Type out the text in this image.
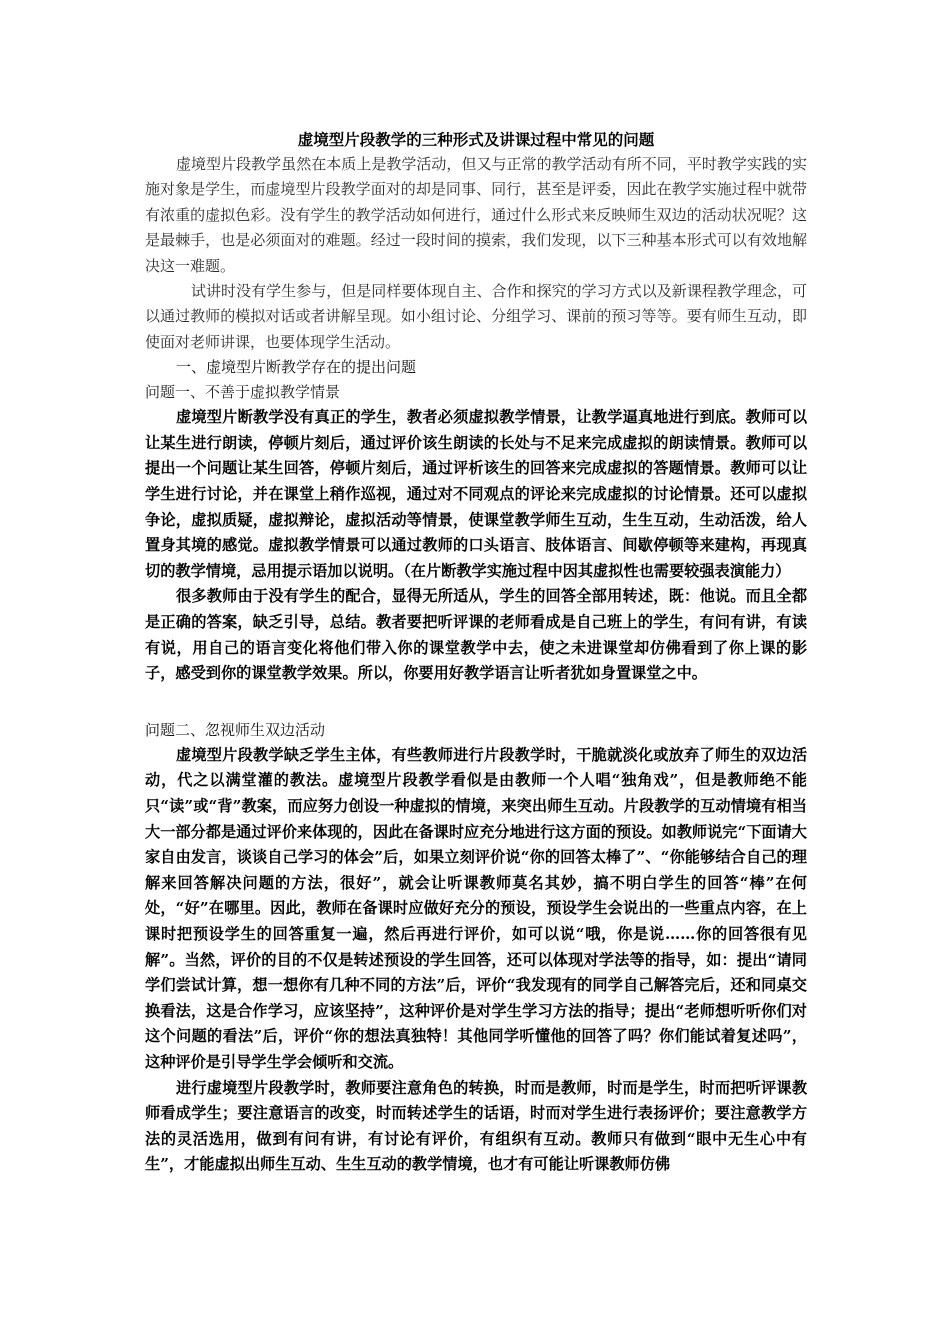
虚境型片段教学的三种形式及讲课过程中常见的问题

虚境型片段教学虽然在本质上是教学活动，但又与正常的教学活动有所不同，平时教学实践的实施对象是学生，而虚境型片段教学面对的却是同事、同行，甚至是评委，因此在教学实施过程中就带有浓重的虚拟色彩。没有学生的教学活动如何进行，通过什么形式来反映师生双边的活动状况呢？这是最棘手，也是必须面对的难题。经过一段时间的摸索，我们发现，以下三种基本形式可以有效地解决这一难题。

试讲时没有学生参与，但是同样要体现自主、合作和探究的学习方式以及新课程教学理念，可以通过教师的模拟对话或者讲解呈现。如小组讨论、分组学习、课前的预习等等。要有师生互动，即使面对老师讲课，也要体现学生活动。

一、虚境型片断教学存在的提出问题

问题一、不善于虚拟教学情景

虚境型片断教学没有真正的学生，教者必须虚拟教学情景，让教学逼真地进行到底。教师可以让某生进行朗读，停顿片刻后，通过评价该生朗读的长处与不足来完成虚拟的朗读情景。教师可以提出一个问题让某生回答，停顿片刻后，通过评析该生的回答来完成虚拟的答题情景。教师可以让学生进行讨论，并在课堂上稍作巡视，通过对不同观点的评论来完成虚拟的讨论情景。还可以虚拟争论，虚拟质疑，虚拟辩论，虚拟活动等情景，使课堂教学师生互动，生生互动，生动活泼，给人置身其境的感觉。虚拟教学情景可以通过教师的口头语言、肢体语言、间歇停顿等来建构，再现真切的教学情境，忌用提示语加以说明。（在片断教学实施过程中因其虚拟性也需要较强表演能力）

很多教师由于没有学生的配合，显得无所适从，学生的回答全部用转述，既：他说。而且全都是正确的答案，缺乏引导，总结。教者要把听评课的老师看成是自己班上的学生，有问有讲，有读有说，用自己的语言变化将他们带入你的课堂教学中去，使之未进课堂却仿佛看到了你上课的影子，感受到你的课堂教学效果。所以，你要用好教学语言让听者犹如身置课堂之中。

问题二、忽视师生双边活动

虚境型片段教学缺乏学生主体，有些教师进行片段教学时，干脆就淡化或放弃了师生的双边活动，代之以满堂灌的教法。虚境型片段教学看似是由教师一个人唱“独角戏”，但是教师绝不能只“读”或“背”教案，而应努力创设一种虚拟的情境，来突出师生互动。片段教学的互动情境有相当大一部分都是通过评价来体现的，因此在备课时应充分地进行这方面的预设。如教师说完“下面请大家自由发言，谈谈自己学习的体会”后，如果立刻评价说“你的回答太棒了”、“你能够结合自己的理解来回答解决问题的方法，很好”，就会让听课教师莫名其妙，搞不明白学生的回答“棒”在何处，“好”在哪里。因此，教师在备课时应做好充分的预设，预设学生会说出的一些重点内容，在上课时把预设学生的回答重复一遍，然后再进行评价，如可以说“哦，你是说……你的回答很有见解”。当然，评价的目的不仅是转述预设的学生回答，还可以体现对学法等的指导，如：提出“请同学们尝试计算，想一想你有几种不同的方法”后，评价“我发现有的同学自己解答完后，还和同桌交换看法，这是合作学习，应该坚持”，这种评价是对学生学习方法的指导；提出“老师想听听你们对这个问题的看法”后，评价“你的想法真独特！其他同学听懂他的回答了吗？你们能试着复述吗”，这种评价是引导学生学会倾听和交流。

进行虚境型片段教学时，教师要注意角色的转换，时而是教师，时而是学生，时而把听评课教师看成学生；要注意语言的改变，时而转述学生的话语，时而对学生进行表扬评价；要注意教学方法的灵活选用，做到有问有讲，有讨论有评价，有组织有互动。教师只有做到“眼中无生心中有生”，才能虚拟出师生互动、生生互动的教学情境，也才有可能让听课教师仿佛
